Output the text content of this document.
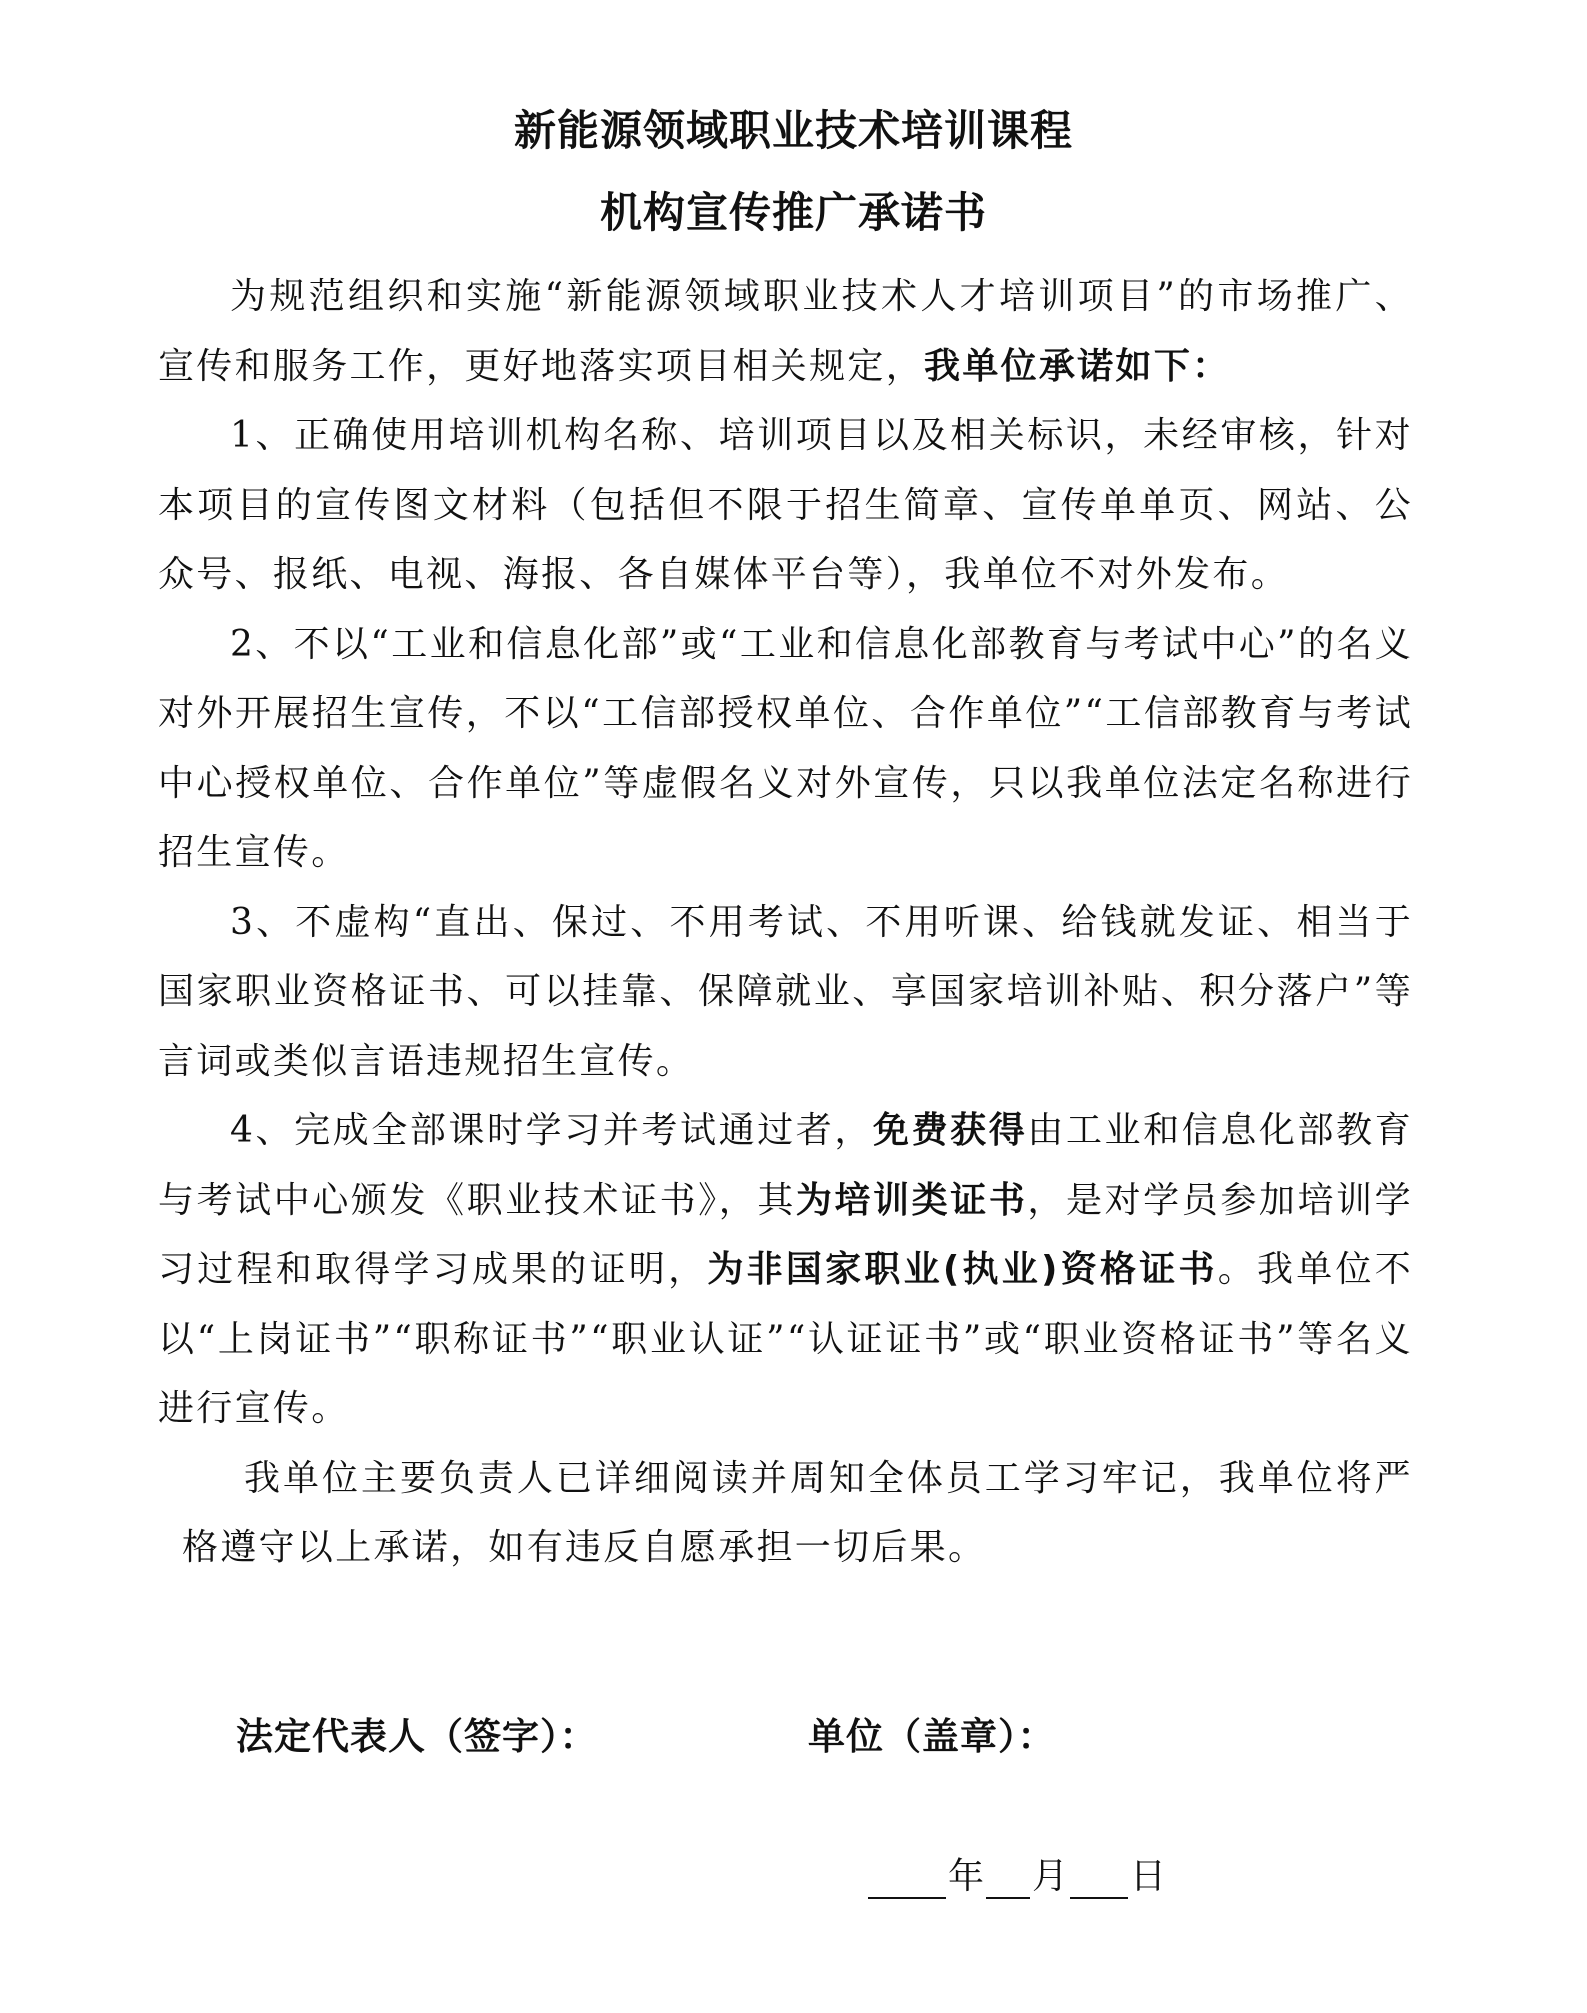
新能源领域职业技术培训课程
机构宣传推广承诺书

为规范组织和实施“新能源领域职业技术人才培训项目”的市场推广、宣传和服务工作，更好地落实项目相关规定，我单位承诺如下：

1、正确使用培训机构名称、培训项目以及相关标识，未经审核，针对本项目的宣传图文材料（包括但不限于招生简章、宣传单单页、网站、公众号、报纸、电视、海报、各自媒体平台等），我单位不对外发布。

2、不以“工业和信息化部”或“工业和信息化部教育与考试中心”的名义对外开展招生宣传，不以“工信部授权单位、合作单位”“工信部教育与考试中心授权单位、合作单位”等虚假名义对外宣传，只以我单位法定名称进行招生宣传。

3、不虚构“直出、保过、不用考试、不用听课、给钱就发证、相当于国家职业资格证书、可以挂靠、保障就业、享国家培训补贴、积分落户”等言词或类似言语违规招生宣传。

4、完成全部课时学习并考试通过者，免费获得由工业和信息化部教育与考试中心颁发《职业技术证书》，其为培训类证书，是对学员参加培训学习过程和取得学习成果的证明，为非国家职业(执业)资格证书。我单位不以“上岗证书”“职称证书”“职业认证”“认证证书”或“职业资格证书”等名义进行宣传。

我单位主要负责人已详细阅读并周知全体员工学习牢记，我单位将严格遵守以上承诺，如有违反自愿承担一切后果。

法定代表人（签字）：	单位（盖章）：
年 月 日
